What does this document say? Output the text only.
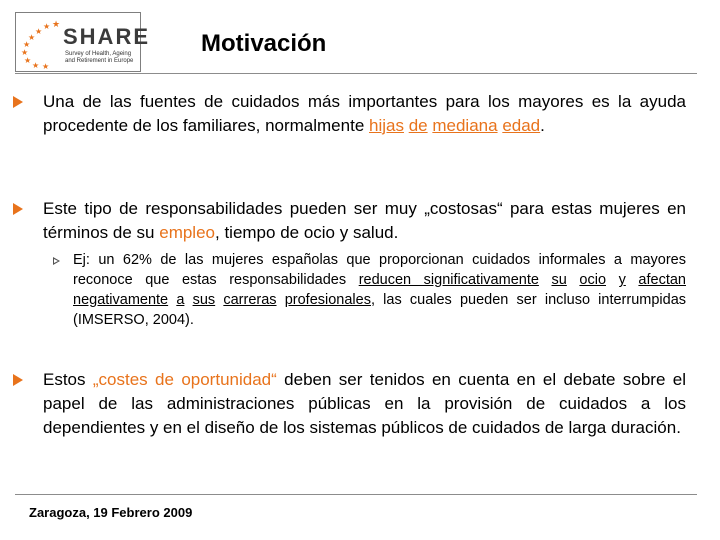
★
★
★
★
★
★
★
★ ★
SHARE
Survey of Health, Ageing
and Retirement in Europe
Motivación
Una de las fuentes de cuidados más importantes para los mayores es la ayuda procedente de los familiares, normalmente hijas de mediana edad.
Este tipo de responsabilidades pueden ser muy „costosas“ para estas mujeres en términos de su empleo, tiempo de ocio y salud.
Ej: un 62% de las mujeres españolas que proporcionan cuidados informales a mayores reconoce que estas responsabilidades reducen significativamente su ocio y afectan negativamente a sus carreras profesionales, las cuales pueden ser incluso interrumpidas (IMSERSO, 2004).
Estos „costes de oportunidad“ deben ser tenidos en cuenta en el debate sobre el papel de las administraciones públicas en la provisión de cuidados a los dependientes y en el diseño de los sistemas públicos de cuidados de larga duración.
Zaragoza, 19 Febrero 2009
